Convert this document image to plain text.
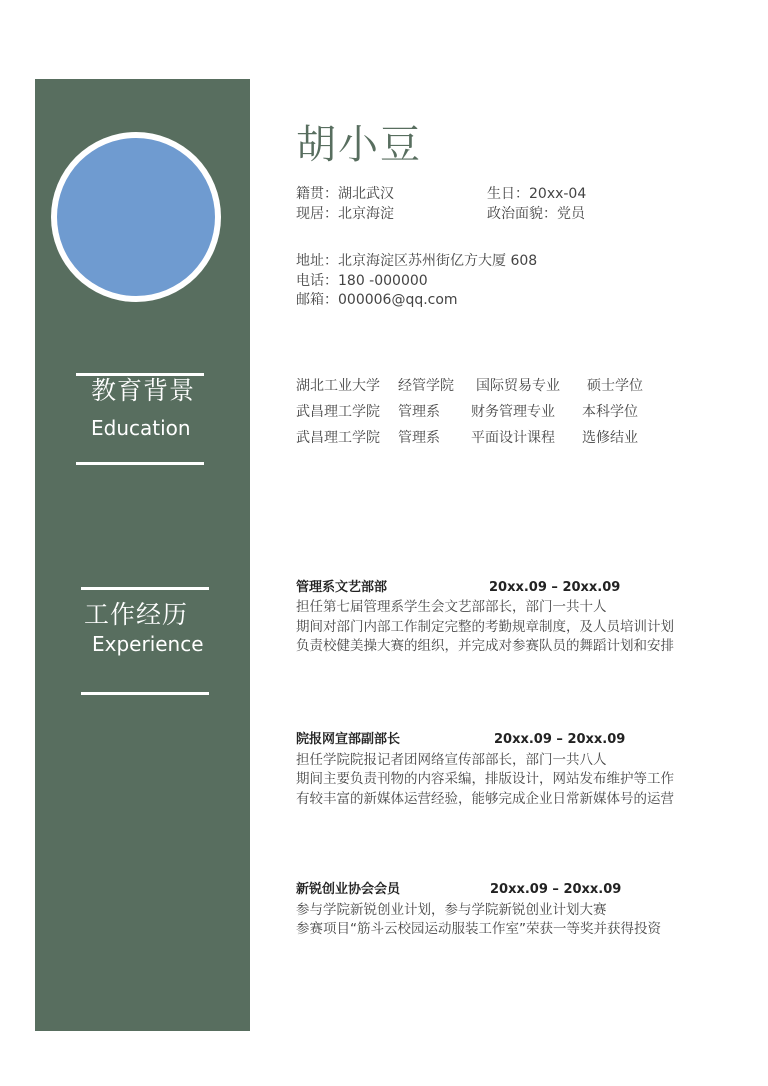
教育背景
Education
工作经历
Experience
胡小豆
籍贯：湖北武汉	生日：20xx-04
现居：北京海淀	政治面貌：党员
地址：北京海淀区苏州街亿方大厦 608
电话：180 -000000
邮箱：000006@qq.com
湖北工业大学 经管学院 国际贸易专业 硕士学位
武昌理工学院 管理系 财务管理专业 本科学位
武昌理工学院 管理系 平面设计课程 选修结业
管理系文艺部部	20xx.09 – 20xx.09
担任第七届管理系学生会文艺部部长，部门一共十人
期间对部门内部工作制定完整的考勤规章制度，及人员培训计划
负责校健美操大赛的组织，并完成对参赛队员的舞蹈计划和安排
院报网宣部副部长	20xx.09 – 20xx.09
担任学院院报记者团网络宣传部部长，部门一共八人
期间主要负责刊物的内容采编，排版设计，网站发布维护等工作
有较丰富的新媒体运营经验，能够完成企业日常新媒体号的运营
新锐创业协会会员	20xx.09 – 20xx.09
参与学院新锐创业计划，参与学院新锐创业计划大赛
参赛项目“筋斗云校园运动服装工作室”荣获一等奖并获得投资
